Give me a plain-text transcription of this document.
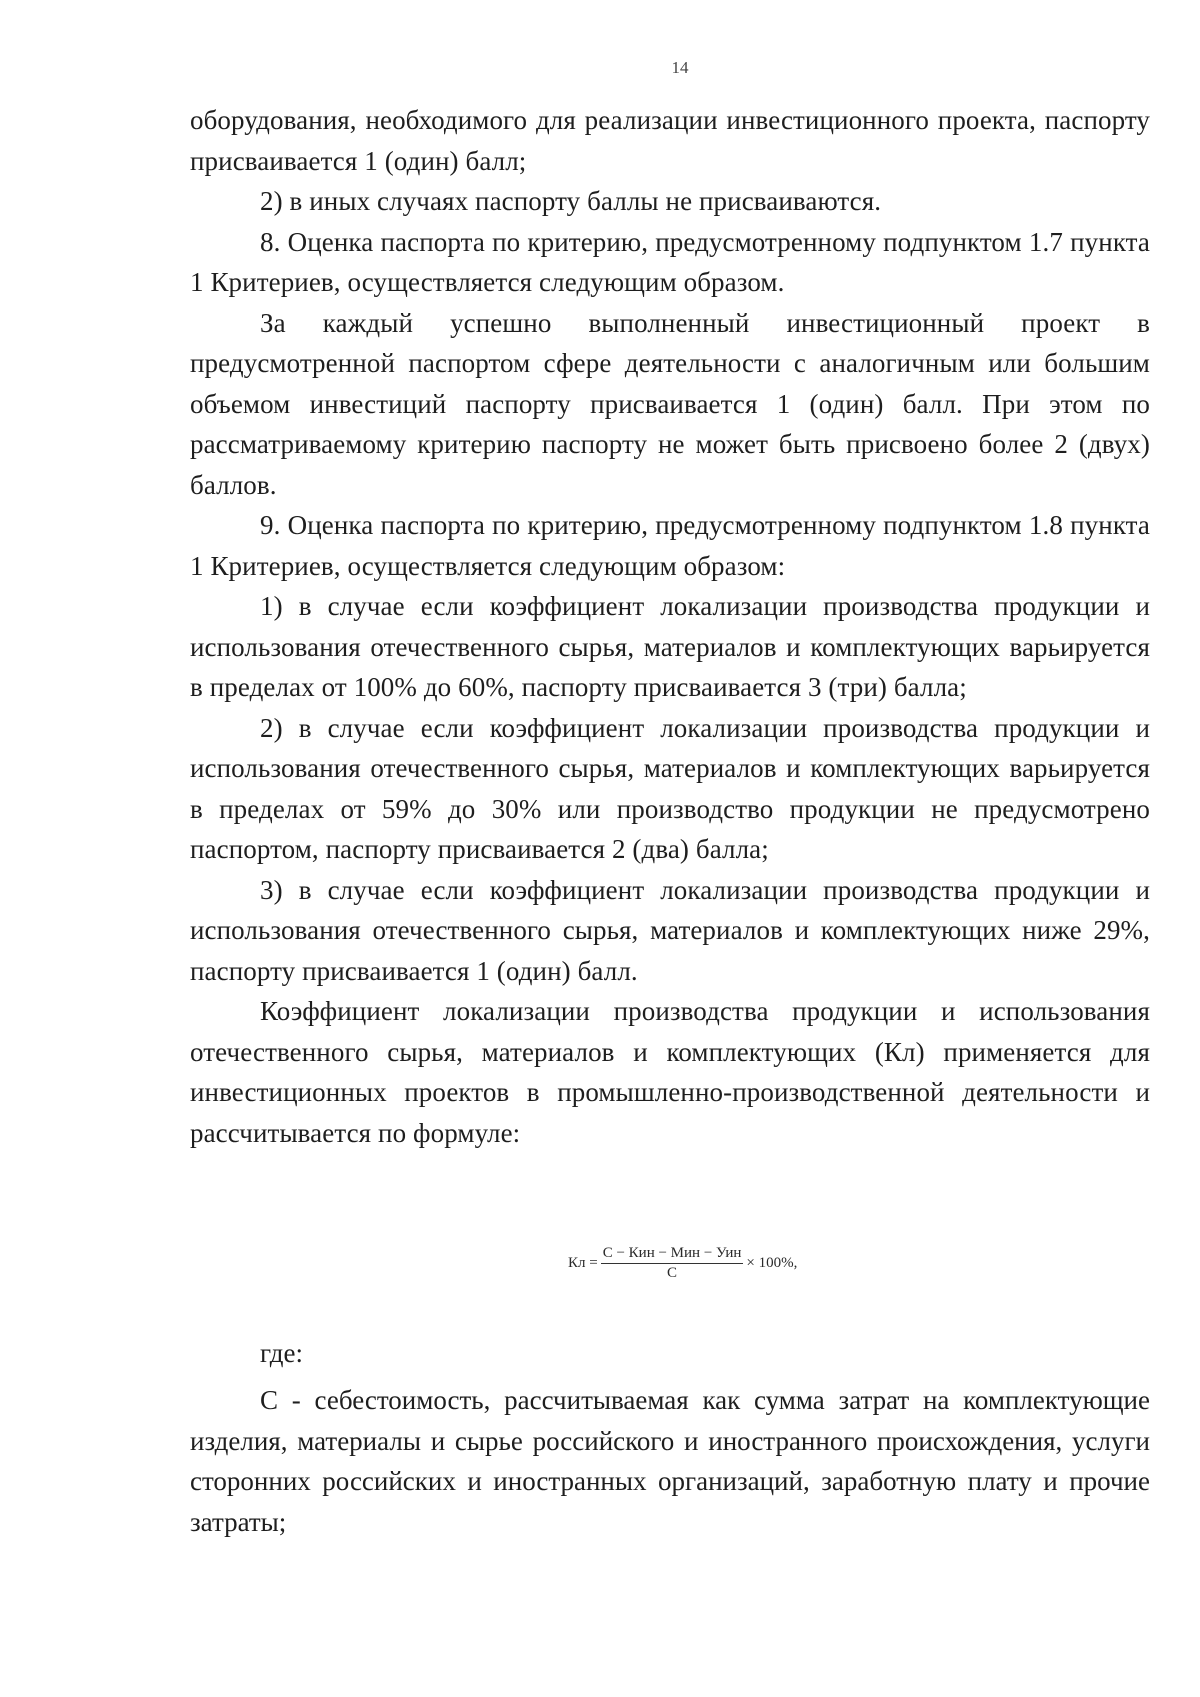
14

оборудования, необходимого для реализации инвестиционного проекта, паспорту присваивается 1 (один) балл;

2) в иных случаях паспорту баллы не присваиваются.

8. Оценка паспорта по критерию, предусмотренному подпунктом 1.7 пункта 1 Критериев, осуществляется следующим образом.

За каждый успешно выполненный инвестиционный проект в предусмотренной паспортом сфере деятельности с аналогичным или большим объемом инвестиций паспорту присваивается 1 (один) балл. При этом по рассматриваемому критерию паспорту не может быть присвоено более 2 (двух) баллов.

9. Оценка паспорта по критерию, предусмотренному подпунктом 1.8 пункта 1 Критериев, осуществляется следующим образом:

1) в случае если коэффициент локализации производства продукции и использования отечественного сырья, материалов и комплектующих варьируется в пределах от 100% до 60%, паспорту присваивается 3 (три) балла;

2) в случае если коэффициент локализации производства продукции и использования отечественного сырья, материалов и комплектующих варьируется в пределах от 59% до 30% или производство продукции не предусмотрено паспортом, паспорту присваивается 2 (два) балла;

3) в случае если коэффициент локализации производства продукции и использования отечественного сырья, материалов и комплектующих ниже 29%, паспорту присваивается 1 (один) балл.

Коэффициент локализации производства продукции и использования отечественного сырья, материалов и комплектующих (Кл) применяется для инвестиционных проектов в промышленно-производственной деятельности и рассчитывается по формуле:

Кл = $\frac{\text{С − Кин − Мин − Уин}}{С} \times 100\%$,
где:

С - себестоимость, рассчитываемая как сумма затрат на комплектующие изделия, материалы и сырье российского и иностранного происхождения, услуги сторонних российских и иностранных организаций, заработную плату и прочие затраты;
